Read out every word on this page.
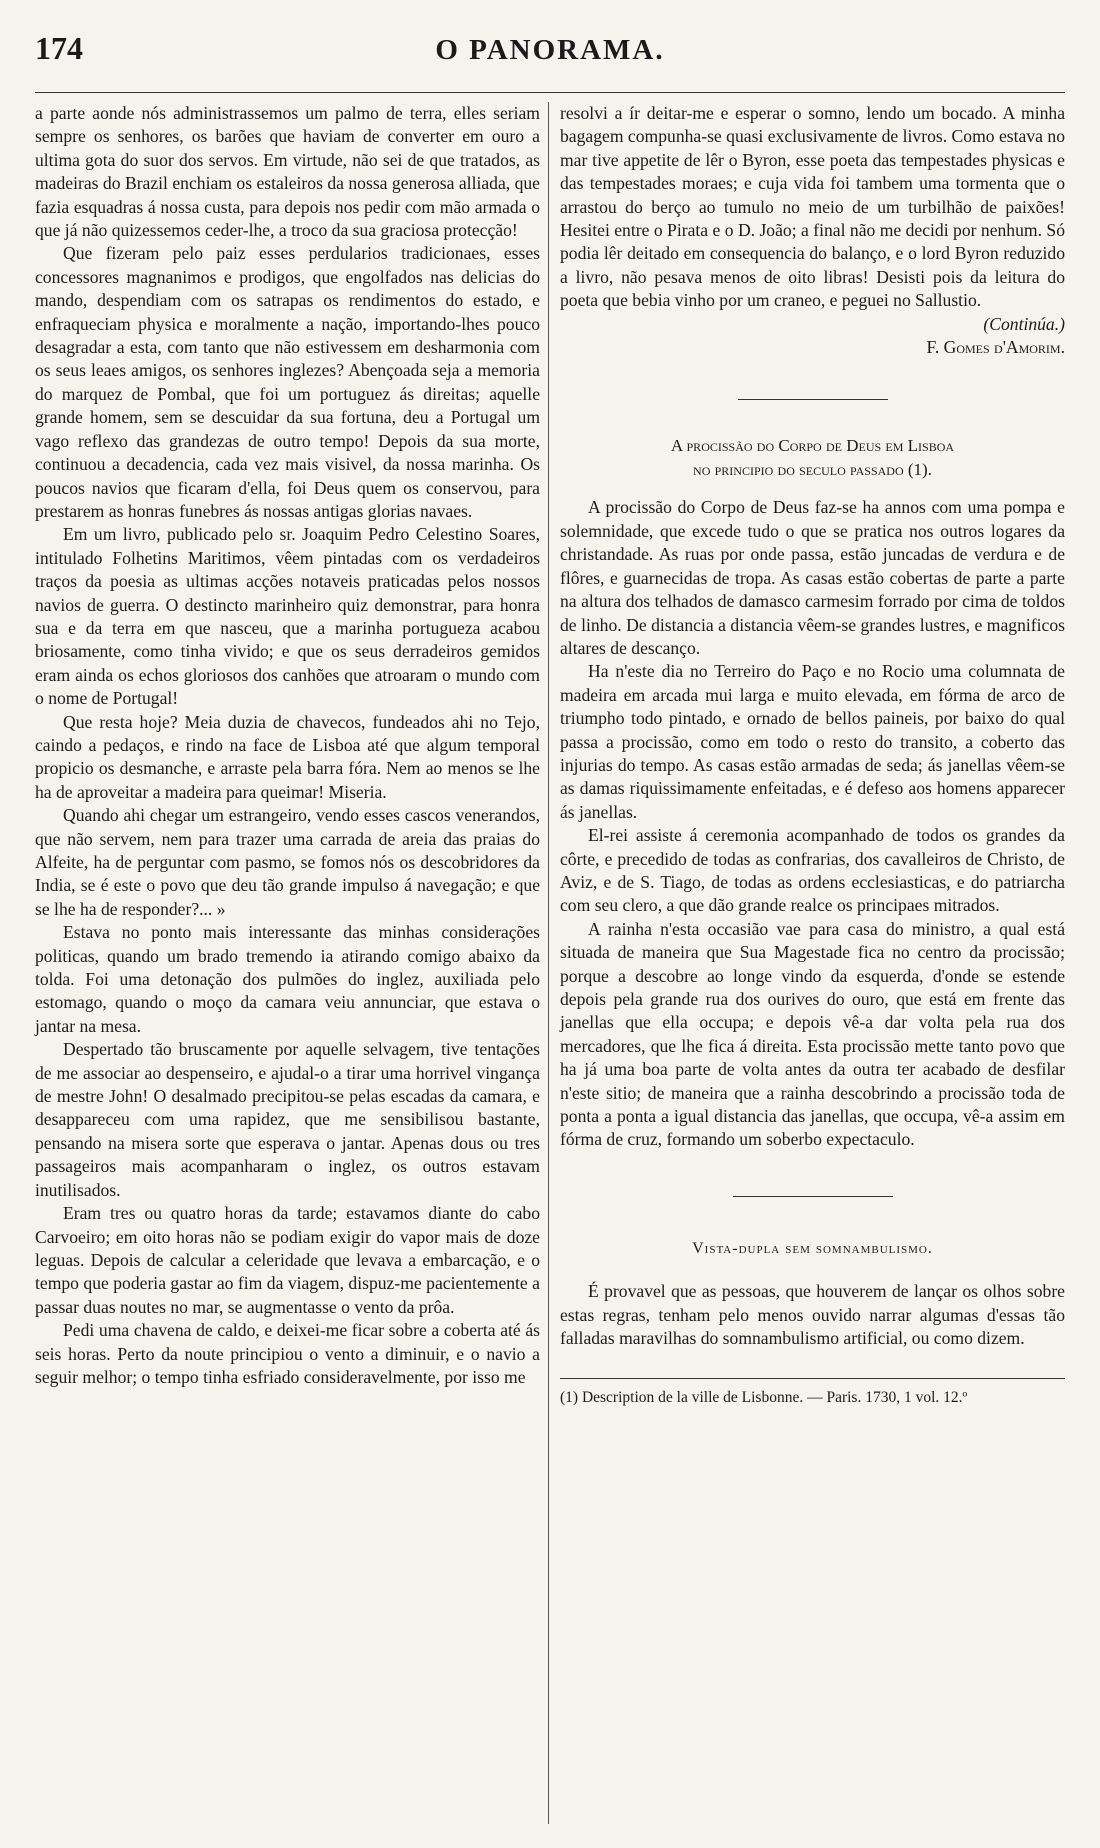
174	O PANORAMA.

a parte aonde nós administrassemos um palmo de terra, elles seriam sempre os senhores, os barões que haviam de converter em ouro a ultima gota do suor dos servos. Em virtude, não sei de que tratados, as madeiras do Brazil enchiam os estaleiros da nossa generosa alliada, que fazia esquadras á nossa custa, para depois nos pedir com mão armada o que já não quizessemos ceder-lhe, a troco da sua graciosa protecção!

Que fizeram pelo paiz esses perdularios tradicionaes, esses concessores magnanimos e prodigos, que engolfados nas delicias do mando, despendiam com os satrapas os rendimentos do estado, e enfraqueciam physica e moralmente a nação, importando-lhes pouco desagradar a esta, com tanto que não estivessem em desharmonia com os seus leaes amigos, os senhores inglezes? Abençoada seja a memoria do marquez de Pombal, que foi um portuguez ás direitas; aquelle grande homem, sem se descuidar da sua fortuna, deu a Portugal um vago reflexo das grandezas de outro tempo! Depois da sua morte, continuou a decadencia, cada vez mais visivel, da nossa marinha. Os poucos navios que ficaram d'ella, foi Deus quem os conservou, para prestarem as honras funebres ás nossas antigas glorias navaes.

Em um livro, publicado pelo sr. Joaquim Pedro Celestino Soares, intitulado Folhetins Maritimos, vêem pintadas com os verdadeiros traços da poesia as ultimas acções notaveis praticadas pelos nossos navios de guerra. O destincto marinheiro quiz demonstrar, para honra sua e da terra em que nasceu, que a marinha portugueza acabou briosamente, como tinha vivido; e que os seus derradeiros gemidos eram ainda os echos gloriosos dos canhões que atroaram o mundo com o nome de Portugal!

Que resta hoje? Meia duzia de chavecos, fundeados ahi no Tejo, caindo a pedaços, e rindo na face de Lisboa até que algum temporal propicio os desmanche, e arraste pela barra fóra. Nem ao menos se lhe ha de aproveitar a madeira para queimar! Miseria.

Quando ahi chegar um estrangeiro, vendo esses cascos venerandos, que não servem, nem para trazer uma carrada de areia das praias do Alfeite, ha de perguntar com pasmo, se fomos nós os descobridores da India, se é este o povo que deu tão grande impulso á navegação; e que se lhe ha de responder?... »

Estava no ponto mais interessante das minhas considerações politicas, quando um brado tremendo ia atirando comigo abaixo da tolda. Foi uma detonação dos pulmões do inglez, auxiliada pelo estomago, quando o moço da camara veiu annunciar, que estava o jantar na mesa.

Despertado tão bruscamente por aquelle selvagem, tive tentações de me associar ao despenseiro, e ajudal-o a tirar uma horrivel vingança de mestre John! O desalmado precipitou-se pelas escadas da camara, e desappareceu com uma rapidez, que me sensibilisou bastante, pensando na misera sorte que esperava o jantar. Apenas dous ou tres passageiros mais acompanharam o inglez, os outros estavam inutilisados.

Eram tres ou quatro horas da tarde; estavamos diante do cabo Carvoeiro; em oito horas não se podiam exigir do vapor mais de doze leguas. Depois de calcular a celeridade que levava a embarcação, e o tempo que poderia gastar ao fim da viagem, dispuz-me pacientemente a passar duas noutes no mar, se augmentasse o vento da prôa.

Pedi uma chavena de caldo, e deixei-me ficar sobre a coberta até ás seis horas. Perto da noute principiou o vento a diminuir, e o navio a seguir melhor; o tempo tinha esfriado consideravelmente, por isso me

resolvi a ír deitar-me e esperar o somno, lendo um bocado. A minha bagagem compunha-se quasi exclusivamente de livros. Como estava no mar tive appetite de lêr o Byron, esse poeta das tempestades physicas e das tempestades moraes; e cuja vida foi tambem uma tormenta que o arrastou do berço ao tumulo no meio de um turbilhão de paixões! Hesitei entre o Pirata e o D. João; a final não me decidi por nenhum. Só podia lêr deitado em consequencia do balanço, e o lord Byron reduzido a livro, não pesava menos de oito libras! Desisti pois da leitura do poeta que bebia vinho por um craneo, e peguei no Sallustio.

(Continúa.)

F. Gomes d'Amorim.

A procissão do Corpo de Deus em Lisboa
no principio do seculo passado (1).

A procissão do Corpo de Deus faz-se ha annos com uma pompa e solemnidade, que excede tudo o que se pratica nos outros logares da christandade. As ruas por onde passa, estão juncadas de verdura e de flôres, e guarnecidas de tropa. As casas estão cobertas de parte a parte na altura dos telhados de damasco carmesim forrado por cima de toldos de linho. De distancia a distancia vêem-se grandes lustres, e magnificos altares de descanço.

Ha n'este dia no Terreiro do Paço e no Rocio uma columnata de madeira em arcada mui larga e muito elevada, em fórma de arco de triumpho todo pintado, e ornado de bellos paineis, por baixo do qual passa a procissão, como em todo o resto do transito, a coberto das injurias do tempo. As casas estão armadas de seda; ás janellas vêem-se as damas riquissimamente enfeitadas, e é defeso aos homens apparecer ás janellas.

El-rei assiste á ceremonia acompanhado de todos os grandes da côrte, e precedido de todas as confrarias, dos cavalleiros de Christo, de Aviz, e de S. Tiago, de todas as ordens ecclesiasticas, e do patriarcha com seu clero, a que dão grande realce os principaes mitrados.

A rainha n'esta occasião vae para casa do ministro, a qual está situada de maneira que Sua Magestade fica no centro da procissão; porque a descobre ao longe vindo da esquerda, d'onde se estende depois pela grande rua dos ourives do ouro, que está em frente das janellas que ella occupa; e depois vê-a dar volta pela rua dos mercadores, que lhe fica á direita. Esta procissão mette tanto povo que ha já uma boa parte de volta antes da outra ter acabado de desfilar n'este sitio; de maneira que a rainha descobrindo a procissão toda de ponta a ponta a igual distancia das janellas, que occupa, vê-a assim em fórma de cruz, formando um soberbo expectaculo.

Vista-dupla sem somnambulismo.

É provavel que as pessoas, que houverem de lançar os olhos sobre estas regras, tenham pelo menos ouvido narrar algumas d'essas tão falladas maravilhas do somnambulismo artificial, ou como dizem.

(1) Description de la ville de Lisbonne. — Paris. 1730, 1 vol. 12.º
